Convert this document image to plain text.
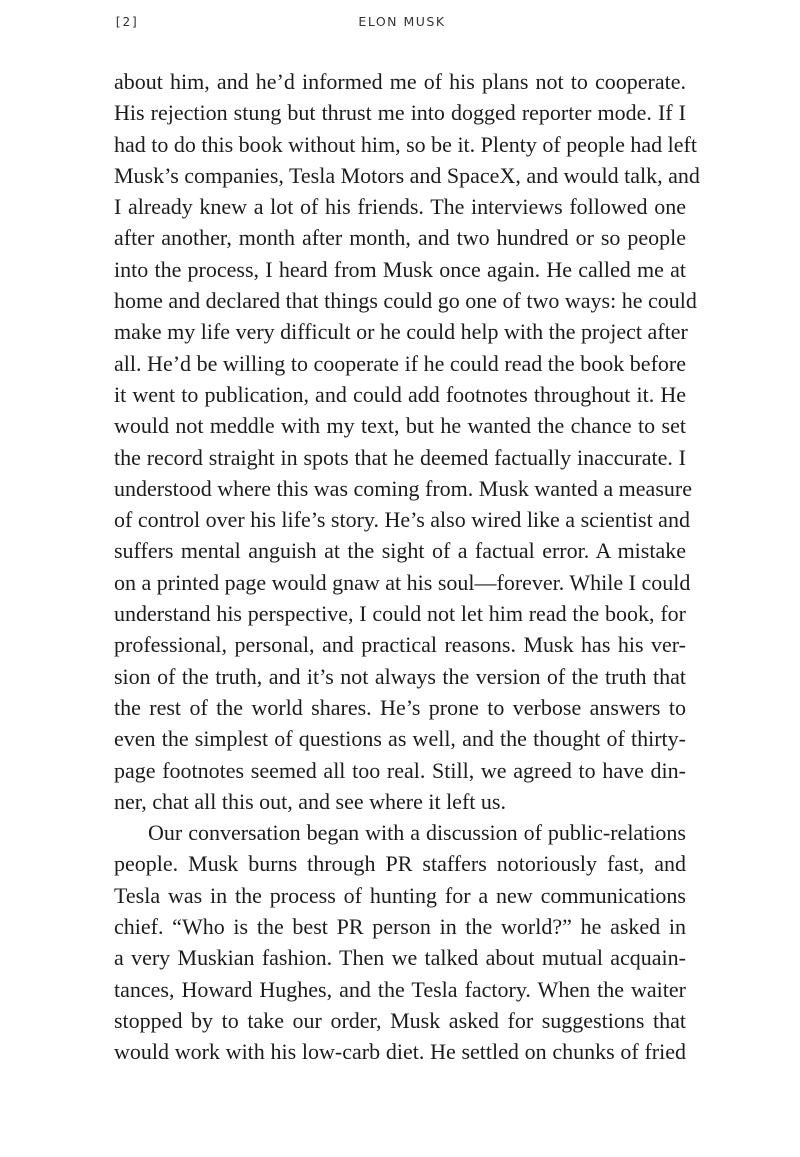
[2]	ELON MUSK
about him, and he’d informed me of his plans not to cooperate.
His rejection stung but thrust me into dogged reporter mode. If I
had to do this book without him, so be it. Plenty of people had left
Musk’s companies, Tesla Motors and SpaceX, and would talk, and
I already knew a lot of his friends. The interviews followed one
after another, month after month, and two hundred or so people
into the process, I heard from Musk once again. He called me at
home and declared that things could go one of two ways: he could
make my life very difficult or he could help with the project after
all. He’d be willing to cooperate if he could read the book before
it went to publication, and could add footnotes throughout it. He
would not meddle with my text, but he wanted the chance to set
the record straight in spots that he deemed factually inaccurate. I
understood where this was coming from. Musk wanted a measure
of control over his life’s story. He’s also wired like a scientist and
suffers mental anguish at the sight of a factual error. A mistake
on a printed page would gnaw at his soul—forever. While I could
understand his perspective, I could not let him read the book, for
professional, personal, and practical reasons. Musk has his ver-
sion of the truth, and it’s not always the version of the truth that
the rest of the world shares. He’s prone to verbose answers to
even the simplest of questions as well, and the thought of thirty-
page footnotes seemed all too real. Still, we agreed to have din-
ner, chat all this out, and see where it left us.
Our conversation began with a discussion of public-relations
people. Musk burns through PR staffers notoriously fast, and
Tesla was in the process of hunting for a new communications
chief. “Who is the best PR person in the world?” he asked in
a very Muskian fashion. Then we talked about mutual acquain-
tances, Howard Hughes, and the Tesla factory. When the waiter
stopped by to take our order, Musk asked for suggestions that
would work with his low-carb diet. He settled on chunks of fried
